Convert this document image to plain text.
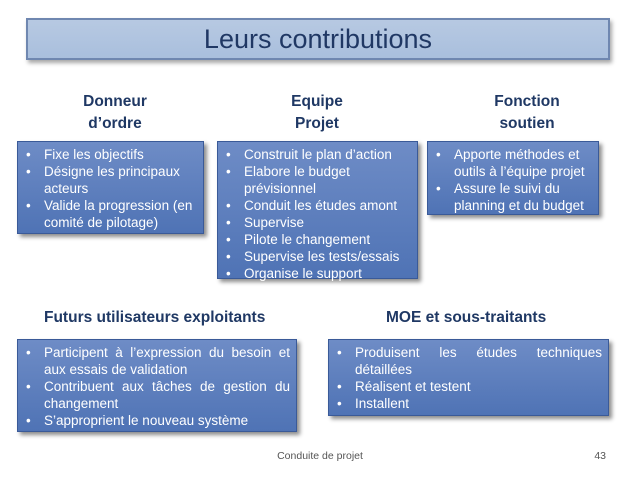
Leurs contributions
Donneur
d’ordre
Equipe
Projet
Fonction
soutien
• Fixe les objectifs
• Désigne les principaux acteurs
• Valide la progression (en comité de pilotage)
• Construit le plan d’action
• Elabore le budget prévisionnel
• Conduit les études amont
• Supervise
• Pilote le changement
• Supervise les tests/essais
• Organise le support
• Apporte méthodes et outils à l’équipe projet
• Assure le suivi du planning et du budget
Futurs utilisateurs exploitants	MOE et sous-traitants
• Participent à l’expression du besoin et aux essais de validation
• Contribuent aux tâches de gestion du changement
• S’approprient le nouveau système
• Produisent les études techniques détaillées
• Réalisent et testent
• Installent
Conduite de projet	43
